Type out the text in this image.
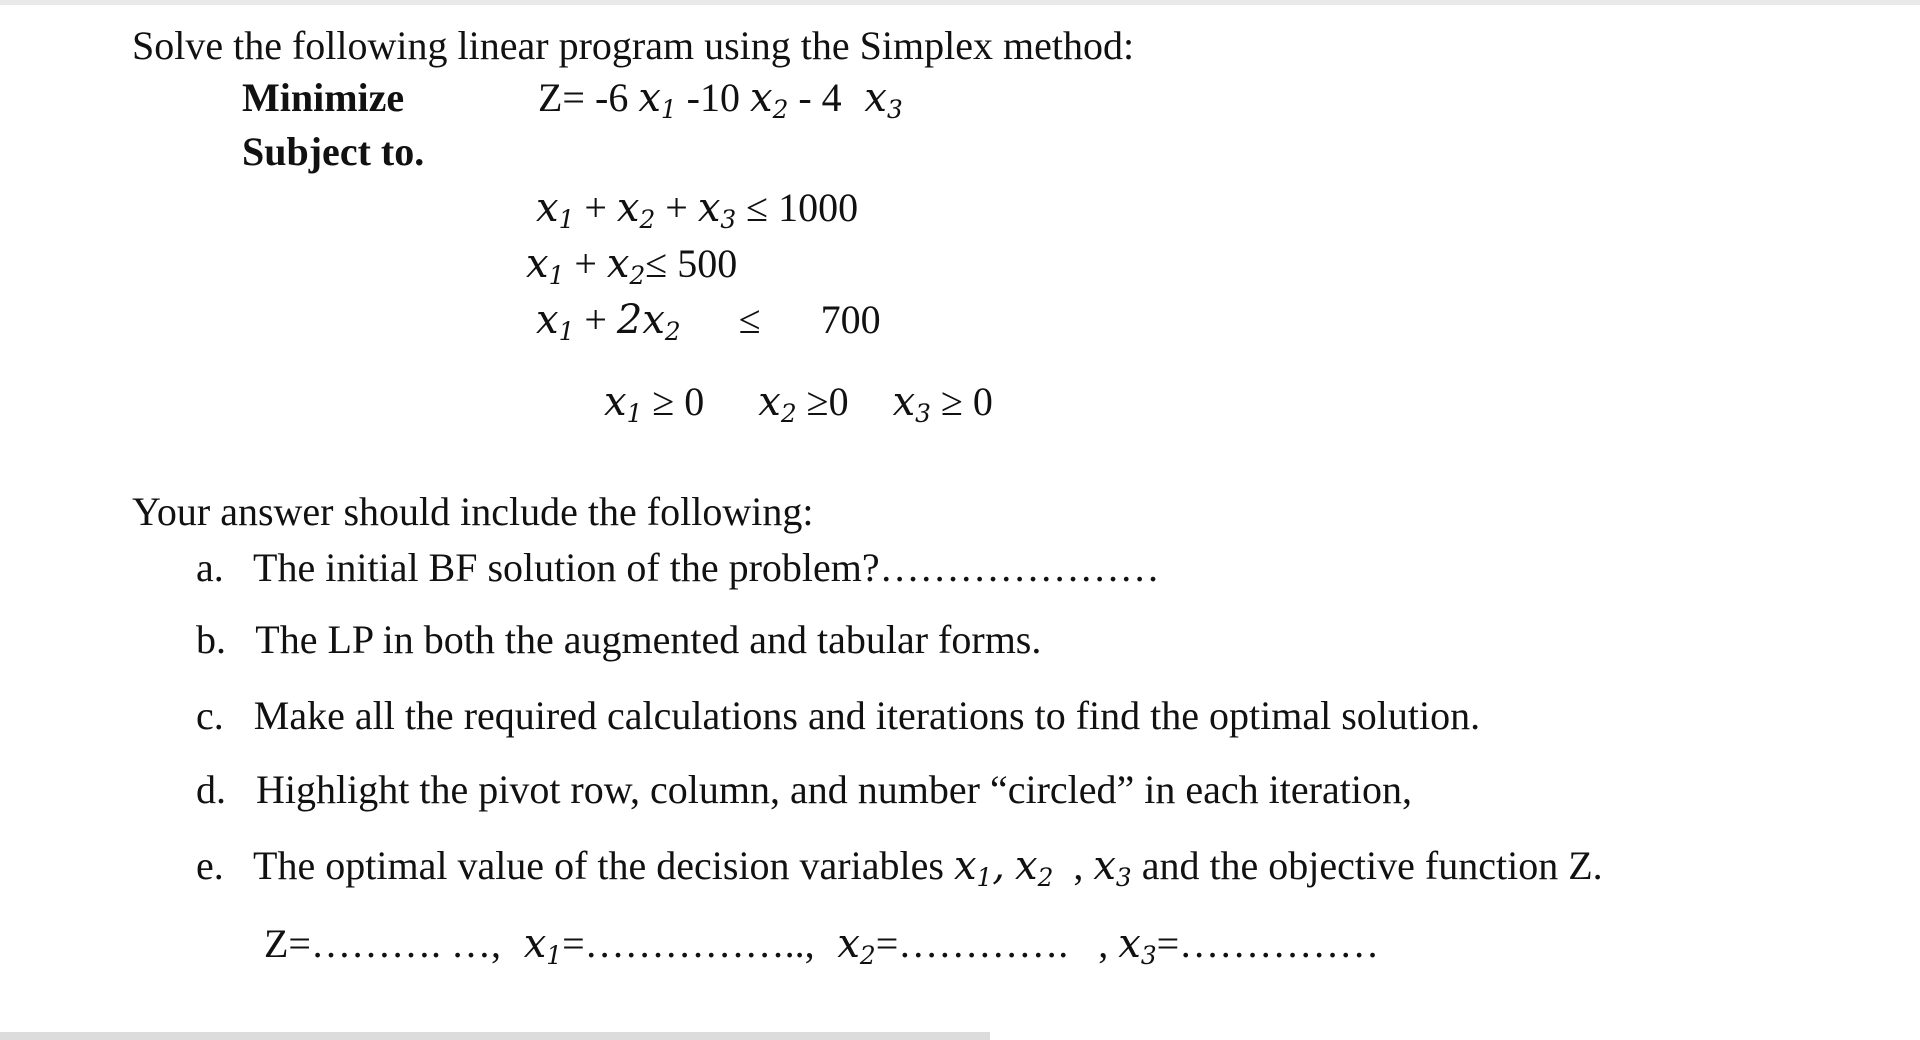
Solve the following linear program using the Simplex method:
Minimize	Z= -6 $x_1$ -10 $x_2 - 4$  $x_3$
Subject to.
$x_1 + x_2 + x_3 \le 1000$
$x_1 + x_2\le 500$
$x_1 + 2x_2 \le 700$
$x_1 \ge 0$ $x_2 \ge 0$ $x_3 \ge 0$
Your answer should include the following:
a. The initial BF solution of the problem?…………………
b. The LP in both the augmented and tabular forms.
c. Make all the required calculations and iterations to find the optimal solution.
d. Highlight the pivot row, column, and number “circled” in each iteration,
e. The optimal value of the decision variables $x_1$, $x_2$  , $x_3$ and the objective function Z.
Z=………. …,  $x_1=\dots\dots\dots\dots\dots$..,  $x_2=\dots\dots\dots\dots$.   , $x_3=\dots\dots\dots\dots\dots$
